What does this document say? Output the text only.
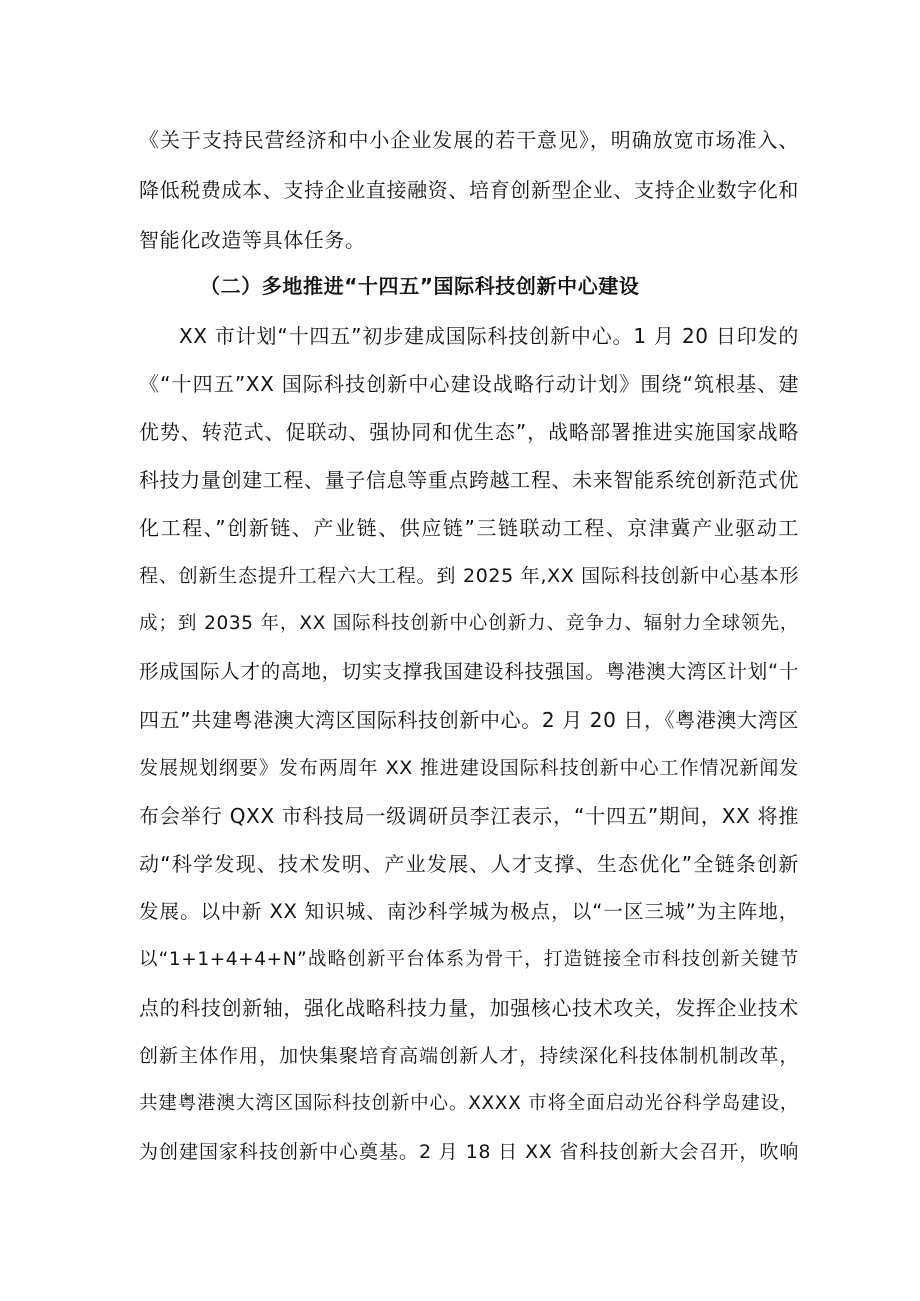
《关于支持民营经济和中小企业发展的若干意见》，明确放宽市场准入、
降低税费成本、支持企业直接融资、培育创新型企业、支持企业数字化和
智能化改造等具体任务。
（二）多地推进“十四五”国际科技创新中心建设
XX 市计划“十四五”初步建成国际科技创新中心。1 月 20 日印发的
《“十四五”XX 国际科技创新中心建设战略行动计划》围绕“筑根基、建
优势、转范式、促联动、强协同和优生态”，战略部署推进实施国家战略
科技力量创建工程、量子信息等重点跨越工程、未来智能系统创新范式优
化工程、”创新链、产业链、供应链”三链联动工程、京津冀产业驱动工
程、创新生态提升工程六大工程。到 2025 年,XX 国际科技创新中心基本形
成；到 2035 年，XX 国际科技创新中心创新力、竞争力、辐射力全球领先，
形成国际人才的高地，切实支撑我国建设科技强国。粤港澳大湾区计划“十
四五”共建粤港澳大湾区国际科技创新中心。2 月 20 日，《粤港澳大湾区
发展规划纲要》发布两周年 XX 推进建设国际科技创新中心工作情况新闻发
布会举行 QXX 市科技局一级调研员李江表示，“十四五”期间，XX 将推
动“科学发现、技术发明、产业发展、人才支撑、生态优化”全链条创新
发展。以中新 XX 知识城、南沙科学城为极点，以“一区三城”为主阵地，
以“1+1+4+4+N”战略创新平台体系为骨干，打造链接全市科技创新关键节
点的科技创新轴，强化战略科技力量，加强核心技术攻关，发挥企业技术
创新主体作用，加快集聚培育高端创新人才，持续深化科技体制机制改革，
共建粤港澳大湾区国际科技创新中心。XXXX 市将全面启动光谷科学岛建设，
为创建国家科技创新中心奠基。2 月 18 日 XX 省科技创新大会召开，吹响
